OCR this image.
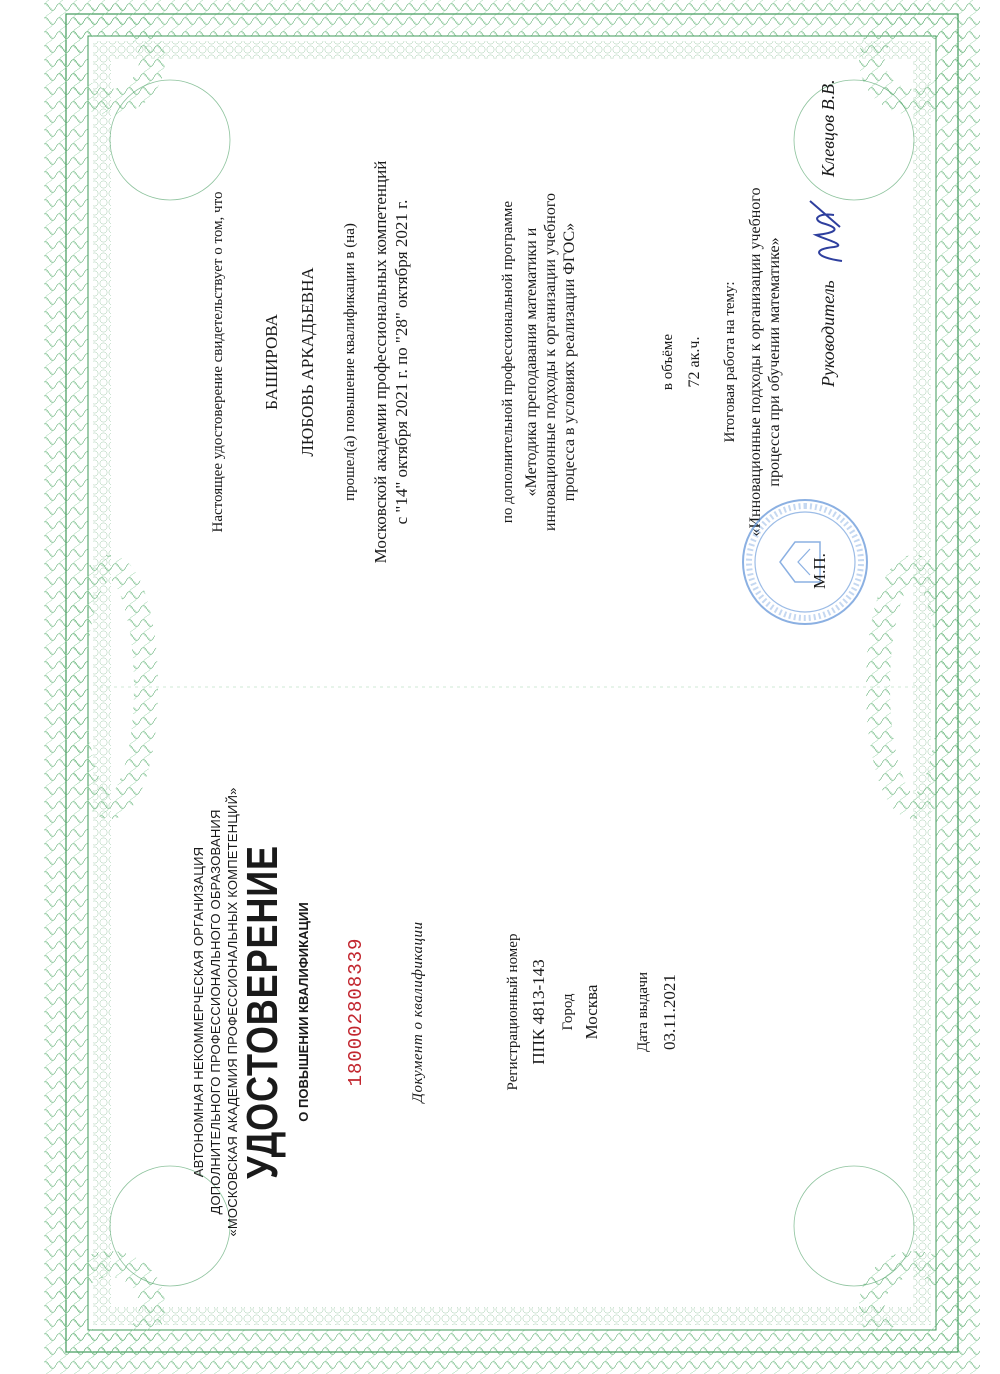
АВТОНОМНАЯ НЕКОММЕРЧЕСКАЯ ОРГАНИЗАЦИЯ ДОПОЛНИТЕЛЬНОГО ПРОФЕССИОНАЛЬНОГО ОБРАЗОВАНИЯ «МОСКОВСКАЯ АКАДЕМИЯ ПРОФЕССИОНАЛЬНЫХ КОМПЕТЕНЦИЙ»
УДОСТОВЕРЕНИЕ О ПОВЫШЕНИИ КВАЛИФИКАЦИИ 180002808339	Документ о квалификации	Регистрационный номер ППК 4813-143 Город Москва Дата выдачи 03.11.2021
Настоящее удостоверение свидетельствует о том, что БАШИРОВА ЛЮБОВЬ АРКАДЬЕВНА прошел(а) повышение квалификации в (на) Московской академии профессиональных компетенций с "14" октября 2021 г. по "28" октября 2021 г.	по дополнительной профессиональной программе «Методика преподавания математики и инновационные подходы к организации учебного процесса в условиях реализации ФГОС»	в объёме 72 ак.ч. Итоговая работа на тему: «Инновационные подходы к организации учебного процесса при обучении математике» Руководитель
Клевцов В.В.
М.П.
